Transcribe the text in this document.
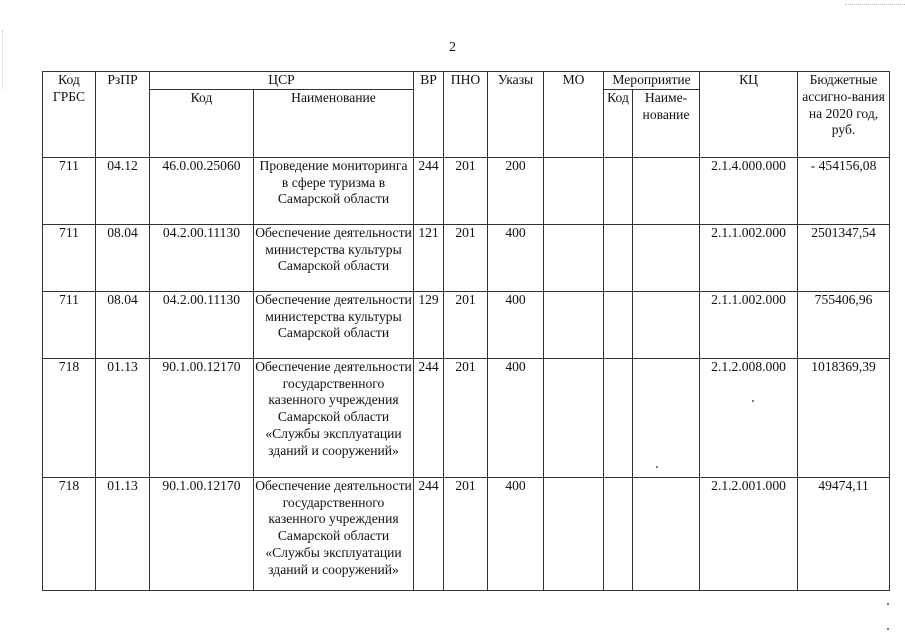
2
Код ГРБС	РзПР	ЦСР		ВР	ПНО	Указы	МО	Мероприятие		КЦ	Бюджетные ассигно-вания на 2020 год, руб.
		Код	Наименование					Код	Наиме-нование		
711	04.12	46.0.00.25060	Проведение мониторинга в сфере туризма в Самарской области	244	201	200				2.1.4.000.000	- 454156,08
711	08.04	04.2.00.11130	Обеспечение деятельности министерства культуры Самарской области	121	201	400				2.1.1.002.000	2501347,54
711	08.04	04.2.00.11130	Обеспечение деятельности министерства культуры Самарской области	129	201	400				2.1.1.002.000	755406,96
718	01.13	90.1.00.12170	Обеспечение деятельности государственного казенного учреждения Самарской области «Службы эксплуатации зданий и сооружений»	244	201	400				2.1.2.008.000	1018369,39
718	01.13	90.1.00.12170	Обеспечение деятельности государственного казенного учреждения Самарской области «Службы эксплуатации зданий и сооружений»	244	201	400				2.1.2.001.000	49474,11
